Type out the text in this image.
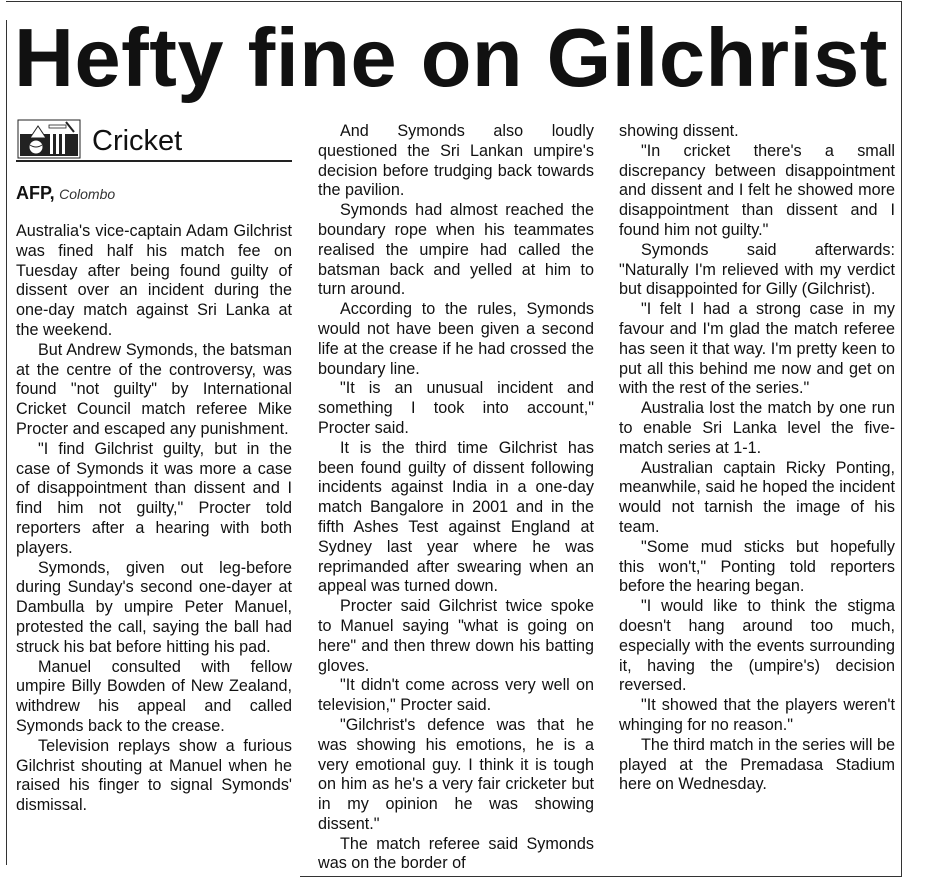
Hefty fine on Gilchrist
Cricket
AFP, Colombo

Australia's vice-captain Adam Gilchrist was fined half his match fee on Tuesday after being found guilty of dissent over an incident during the one-day match against Sri Lanka at the weekend.

But Andrew Symonds, the batsman at the centre of the controversy, was found "not guilty" by International Cricket Council match referee Mike Procter and escaped any punishment.

"I find Gilchrist guilty, but in the case of Symonds it was more a case of disappointment than dissent and I find him not guilty," Procter told reporters after a hearing with both players.

Symonds, given out leg-before during Sunday's second one-dayer at Dambulla by umpire Peter Manuel, protested the call, saying the ball had struck his bat before hitting his pad.

Manuel consulted with fellow umpire Billy Bowden of New Zealand, withdrew his appeal and called Symonds back to the crease.

Television replays show a furious Gilchrist shouting at Manuel when he raised his finger to signal Symonds' dismissal.

And Symonds also loudly questioned the Sri Lankan umpire's decision before trudging back towards the pavilion.

Symonds had almost reached the boundary rope when his teammates realised the umpire had called the batsman back and yelled at him to turn around.

According to the rules, Symonds would not have been given a second life at the crease if he had crossed the boundary line.

"It is an unusual incident and something I took into account," Procter said.

It is the third time Gilchrist has been found guilty of dissent following incidents against India in a one-day match Bangalore in 2001 and in the fifth Ashes Test against England at Sydney last year where he was reprimanded after swearing when an appeal was turned down.

Procter said Gilchrist twice spoke to Manuel saying "what is going on here" and then threw down his batting gloves.

"It didn't come across very well on television," Procter said.

"Gilchrist's defence was that he was showing his emotions, he is a very emotional guy. I think it is tough on him as he's a very fair cricketer but in my opinion he was showing dissent."

The match referee said Symonds was on the border of

showing dissent.

"In cricket there's a small discrepancy between disappointment and dissent and I felt he showed more disappointment than dissent and I found him not guilty."

Symonds said afterwards: "Naturally I'm relieved with my verdict but disappointed for Gilly (Gilchrist).

"I felt I had a strong case in my favour and I'm glad the match referee has seen it that way. I'm pretty keen to put all this behind me now and get on with the rest of the series."

Australia lost the match by one run to enable Sri Lanka level the five-match series at 1-1.

Australian captain Ricky Ponting, meanwhile, said he hoped the incident would not tarnish the image of his team.

"Some mud sticks but hopefully this won't," Ponting told reporters before the hearing began.

"I would like to think the stigma doesn't hang around too much, especially with the events surrounding it, having the (umpire's) decision reversed.

"It showed that the players weren't whinging for no reason."

The third match in the series will be played at the Premadasa Stadium here on Wednesday.
